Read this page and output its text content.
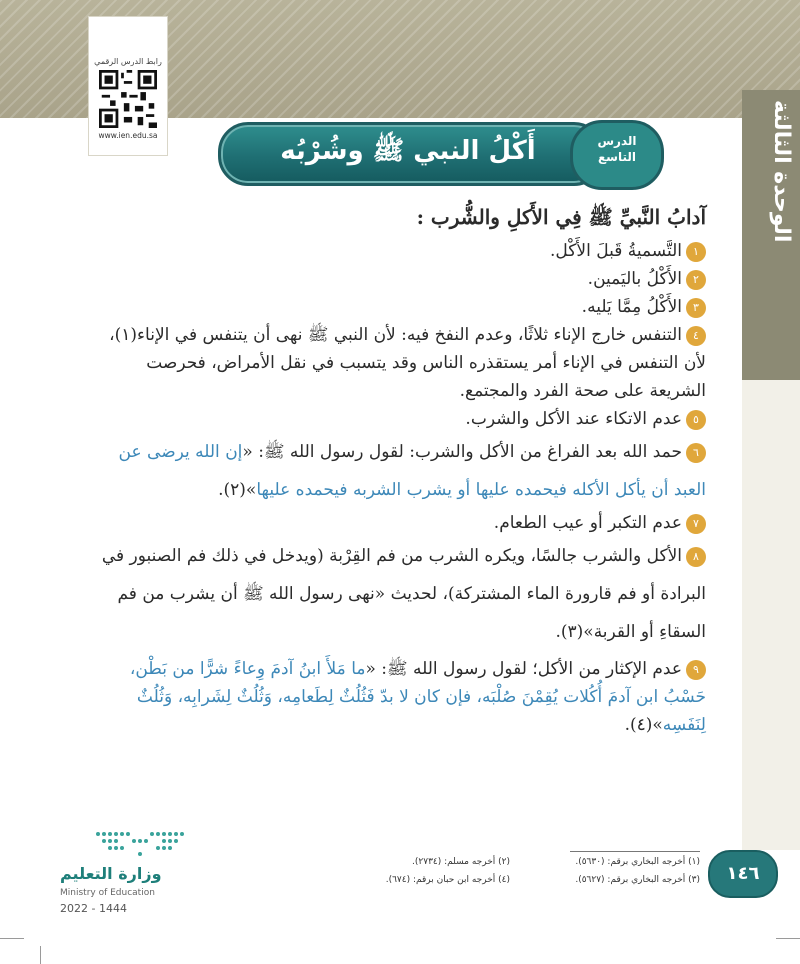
الوحدة الثالثة
رابط الدرس الرقمي
www.ien.edu.sa
أَكْلُ النبي ﷺ وشُرْبُه	الدرس
التاسع
آدابُ النَّبيِّ ﷺ فِي الأَكلِ والشُّرب :

١التَّسميةُ قَبلَ الأَكْل.

٢الأَكْلُ باليَمين.

٣الأَكْلُ مِمَّا يَليه.

٤التنفس خارج الإناء ثلاثًا، وعدم النفخ فيه: لأن النبي ﷺ نهى أن يتنفس في الإناء(١)، لأن التنفس في الإناء أمر يستقذره الناس وقد يتسبب في نقل الأمراض، فحرصت الشريعة على صحة الفرد والمجتمع.

٥عدم الاتكاء عند الأكل والشرب.

٦حمد الله بعد الفراغ من الأكل والشرب: لقول رسول الله ﷺ: «إن الله يرضى عن العبد أن يأكل الأكله فيحمده عليها أو يشرب الشربه فيحمده عليها»(٢).

٧عدم التكبر أو عيب الطعام.

٨الأكل والشرب جالسًا، ويكره الشرب من فم القِرْبة (ويدخل في ذلك فم الصنبور في البرادة أو فم قارورة الماء المشتركة)، لحديث «نهى رسول الله ﷺ أن يشرب من فم السقاءِ أو القربة»(٣).

٩عدم الإكثار من الأكل؛ لقول رسول الله ﷺ: «ما مَلأَ ابنُ آدمَ وِعاءً شرًّا من بَطْن، حَسْبُ ابن آدمَ أُكُلات يُقِمْنَ صُلْبَه، فإن كان لا بدّ فَثُلُثٌ لِطَعامِه، وَثُلُثٌ لِشَرابِه، وَثُلُثٌ لِنَفَسِه»(٤).

(١) أخرجه البخاري برقم: (٥٦٣٠).
(٢) أخرجه مسلم: (٢٧٣٤).
(٣) أخرجه البخاري برقم: (٥٦٢٧).
(٤) أخرجه ابن حبان برقم: (٦٧٤).	١٤٦
وزارة التعليم
Ministry of Education
2022 - 1444
